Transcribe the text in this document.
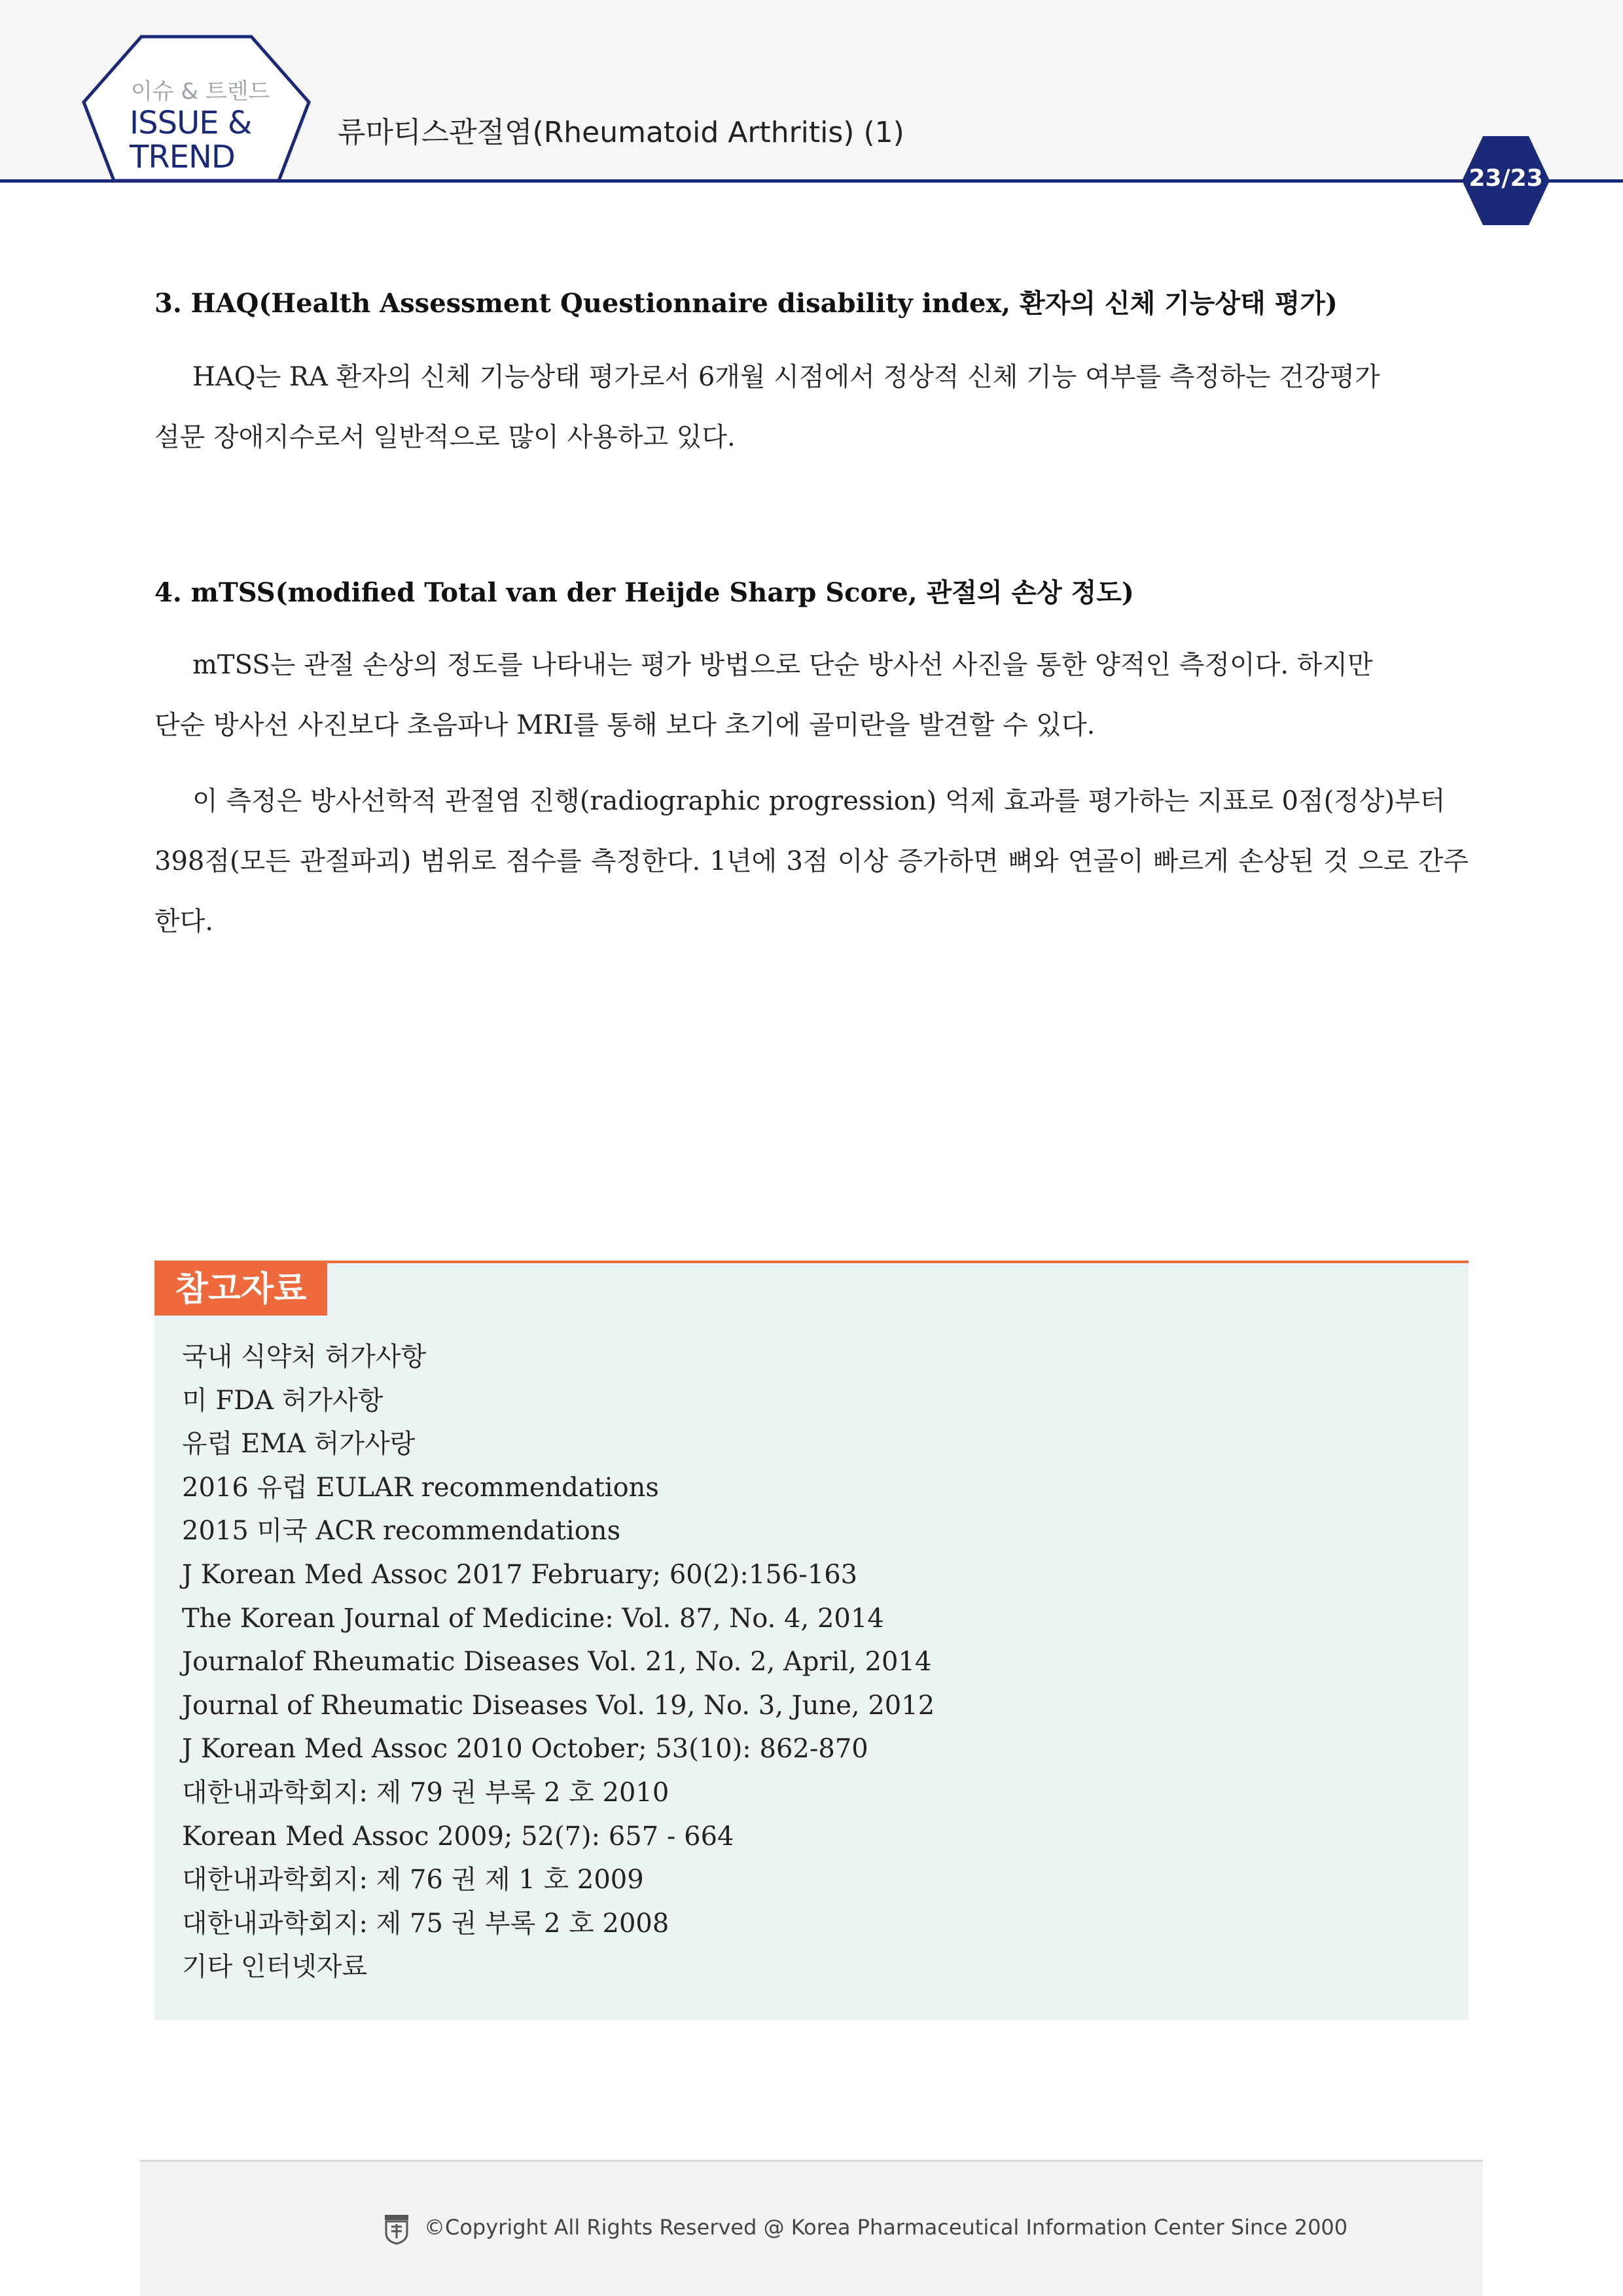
이슈 & 트렌드
ISSUE &
TREND
류마티스관절염(Rheumatoid Arthritis) (1)
23/23
3. HAQ(Health Assessment Questionnaire disability index, 환자의 신체 기능상태 평가)
HAQ는 RA 환자의 신체 기능상태 평가로서 6개월 시점에서 정상적 신체 기능 여부를 측정하는 건강평가
설문 장애지수로서 일반적으로 많이 사용하고 있다.
4. mTSS(modified Total van der Heijde Sharp Score, 관절의 손상 정도)
mTSS는 관절 손상의 정도를 나타내는 평가 방법으로 단순 방사선 사진을 통한 양적인 측정이다. 하지만
단순 방사선 사진보다 초음파나 MRI를 통해 보다 초기에 골미란을 발견할 수 있다.
이 측정은 방사선학적 관절염 진행(radiographic progression) 억제 효과를 평가하는 지표로 0점(정상)부터
398점(모든 관절파괴) 범위로 점수를 측정한다. 1년에 3점 이상 증가하면 뼈와 연골이 빠르게 손상된 것 으로 간주한다.
참고자료
국내 식약처 허가사항
미 FDA 허가사항
유럽 EMA 허가사랑
2016 유럽 EULAR recommendations
2015 미국 ACR recommendations
J Korean Med Assoc 2017 February; 60(2):156-163
The Korean Journal of Medicine: Vol. 87, No. 4, 2014
Journalof Rheumatic Diseases Vol. 21, No. 2, April, 2014
Journal of Rheumatic Diseases Vol. 19, No. 3, June, 2012
J Korean Med Assoc 2010 October; 53(10): 862-870
대한내과학회지: 제 79 권 부록 2 호 2010
Korean Med Assoc 2009; 52(7): 657 - 664
대한내과학회지: 제 76 권 제 1 호 2009
대한내과학회지: 제 75 권 부록 2 호 2008
기타 인터넷자료
©Copyright All Rights Reserved @ Korea Pharmaceutical Information Center Since 2000
